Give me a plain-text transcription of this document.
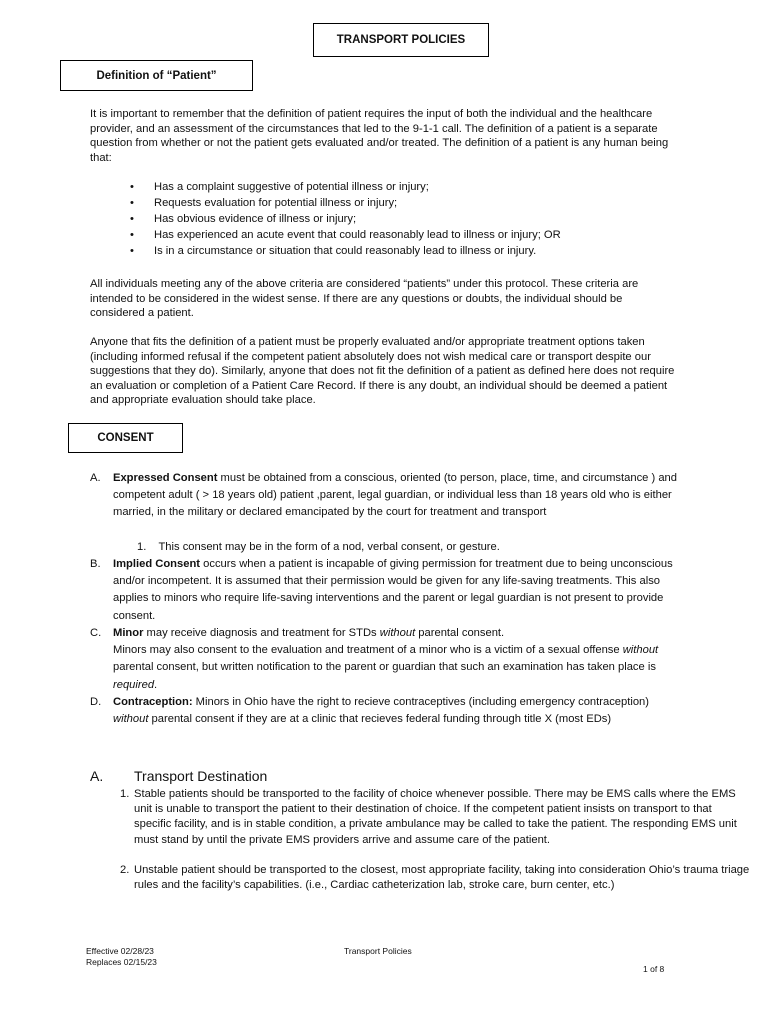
TRANSPORT POLICIES
Definition of “Patient”
It is important to remember that the definition of patient requires the input of both the individual and the healthcare provider, and an assessment of the circumstances that led to the 9-1-1 call. The definition of a patient is a separate question from whether or not the patient gets evaluated and/or treated. The definition of a patient is any human being that:
• Has a complaint suggestive of potential illness or injury;
• Requests evaluation for potential illness or injury;
• Has obvious evidence of illness or injury;
• Has experienced an acute event that could reasonably lead to illness or injury; OR
• Is in a circumstance or situation that could reasonably lead to illness or injury.
All individuals meeting any of the above criteria are considered “patients” under this protocol. These criteria are intended to be considered in the widest sense. If there are any questions or doubts, the individual should be considered a patient.
Anyone that fits the definition of a patient must be properly evaluated and/or appropriate treatment options taken (including informed refusal if the competent patient absolutely does not wish medical care or transport despite our suggestions that they do). Similarly, anyone that does not fit the definition of a patient as defined here does not require an evaluation or completion of a Patient Care Record. If there is any doubt, an individual should be deemed a patient and appropriate evaluation should take place.
CONSENT
A. Expressed Consent must be obtained from a conscious, oriented (to person, place, time, and circumstance ) and competent adult ( > 18 years old) patient ,parent, legal guardian, or individual less than 18 years old who is either married, in the military or declared emancipated by the court for treatment and transport
1. This consent may be in the form of a nod, verbal consent, or gesture.
B. Implied Consent occurs when a patient is incapable of giving permission for treatment due to being unconscious and/or incompetent. It is assumed that their permission would be given for any life-saving treatments. This also applies to minors who require life-saving interventions and the parent or legal guardian is not present to provide consent.
C. Minor may receive diagnosis and treatment for STDs without parental consent.
Minors may also consent to the evaluation and treatment of a minor who is a victim of a sexual offense without parental consent, but written notification to the parent or guardian that such an examination has taken place is required.
D. Contraception: Minors in Ohio have the right to recieve contraceptives (including emergency contraception) without parental consent if they are at a clinic that recieves federal funding through title X (most EDs)
A. Transport Destination
1. Stable patients should be transported to the facility of choice whenever possible. There may be EMS calls where the EMS unit is unable to transport the patient to their destination of choice. If the competent patient insists on transport to that specific facility, and is in stable condition, a private ambulance may be called to take the patient. The responding EMS unit must stand by until the private EMS providers arrive and assume care of the patient.
2. Unstable patient should be transported to the closest, most appropriate facility, taking into consideration Ohio’s trauma triage rules and the facility’s capabilities. (i.e., Cardiac catheterization lab, stroke care, burn center, etc.)
Effective 02/28/23
Replaces 02/15/23
Transport Policies
1 of 8
